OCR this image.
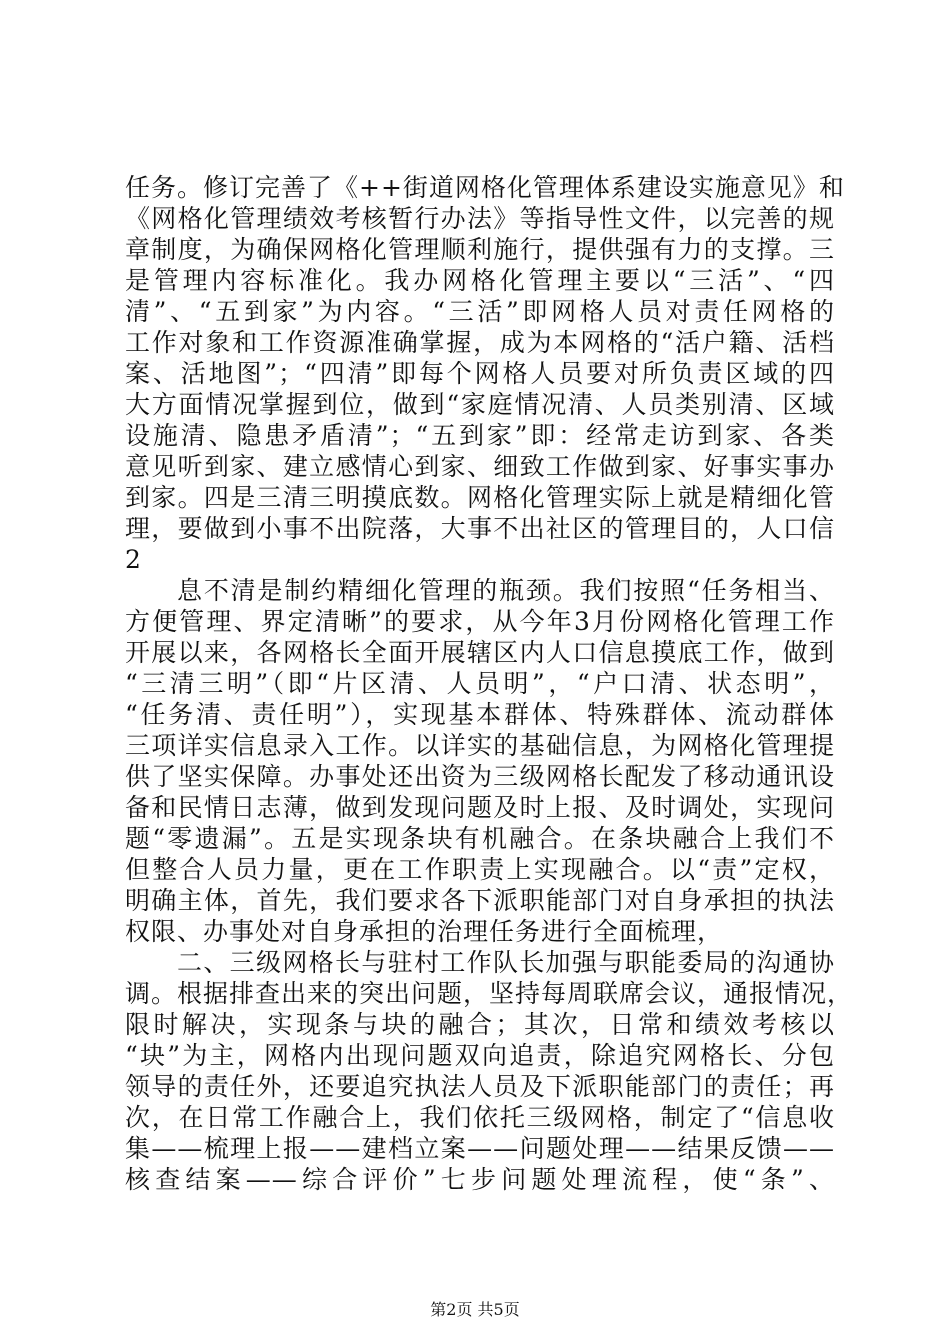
任务。修订完善了《++街道网格化管理体系建设实施意见》和
《网格化管理绩效考核暂行办法》等指导性文件，以完善的规
章制度，为确保网格化管理顺利施行，提供强有力的支撑。三
是管理内容标准化。我办网格化管理主要以“三活”、“四
清”、“五到家”为内容。“三活”即网格人员对责任网格的
工作对象和工作资源准确掌握，成为本网格的“活户籍、活档
案、活地图”；“四清”即每个网格人员要对所负责区域的四
大方面情况掌握到位，做到“家庭情况清、人员类别清、区域
设施清、隐患矛盾清”；“五到家”即：经常走访到家、各类
意见听到家、建立感情心到家、细致工作做到家、好事实事办
到家。四是三清三明摸底数。网格化管理实际上就是精细化管
理，要做到小事不出院落，大事不出社区的管理目的，人口信
2
息不清是制约精细化管理的瓶颈。我们按照“任务相当、
方便管理、界定清晰”的要求，从今年3月份网格化管理工作
开展以来，各网格长全面开展辖区内人口信息摸底工作，做到
“三清三明”（即“片区清、人员明”，“户口清、状态明”，
“任务清、责任明”），实现基本群体、特殊群体、流动群体
三项详实信息录入工作。以详实的基础信息，为网格化管理提
供了坚实保障。办事处还出资为三级网格长配发了移动通讯设
备和民情日志薄，做到发现问题及时上报、及时调处，实现问
题“零遗漏”。五是实现条块有机融合。在条块融合上我们不
但整合人员力量，更在工作职责上实现融合。以“责”定权，
明确主体，首先，我们要求各下派职能部门对自身承担的执法
权限、办事处对自身承担的治理任务进行全面梳理，
二、三级网格长与驻村工作队长加强与职能委局的沟通协
调。根据排查出来的突出问题，坚持每周联席会议，通报情况，
限时解决，实现条与块的融合；其次，日常和绩效考核以
“块”为主，网格内出现问题双向追责，除追究网格长、分包
领导的责任外，还要追究执法人员及下派职能部门的责任；再
次，在日常工作融合上，我们依托三级网格，制定了“信息收
集——梳理上报——建档立案——问题处理——结果反馈——
核查结案——综合评价”七步问题处理流程，使“条”、
第2页 共5页
